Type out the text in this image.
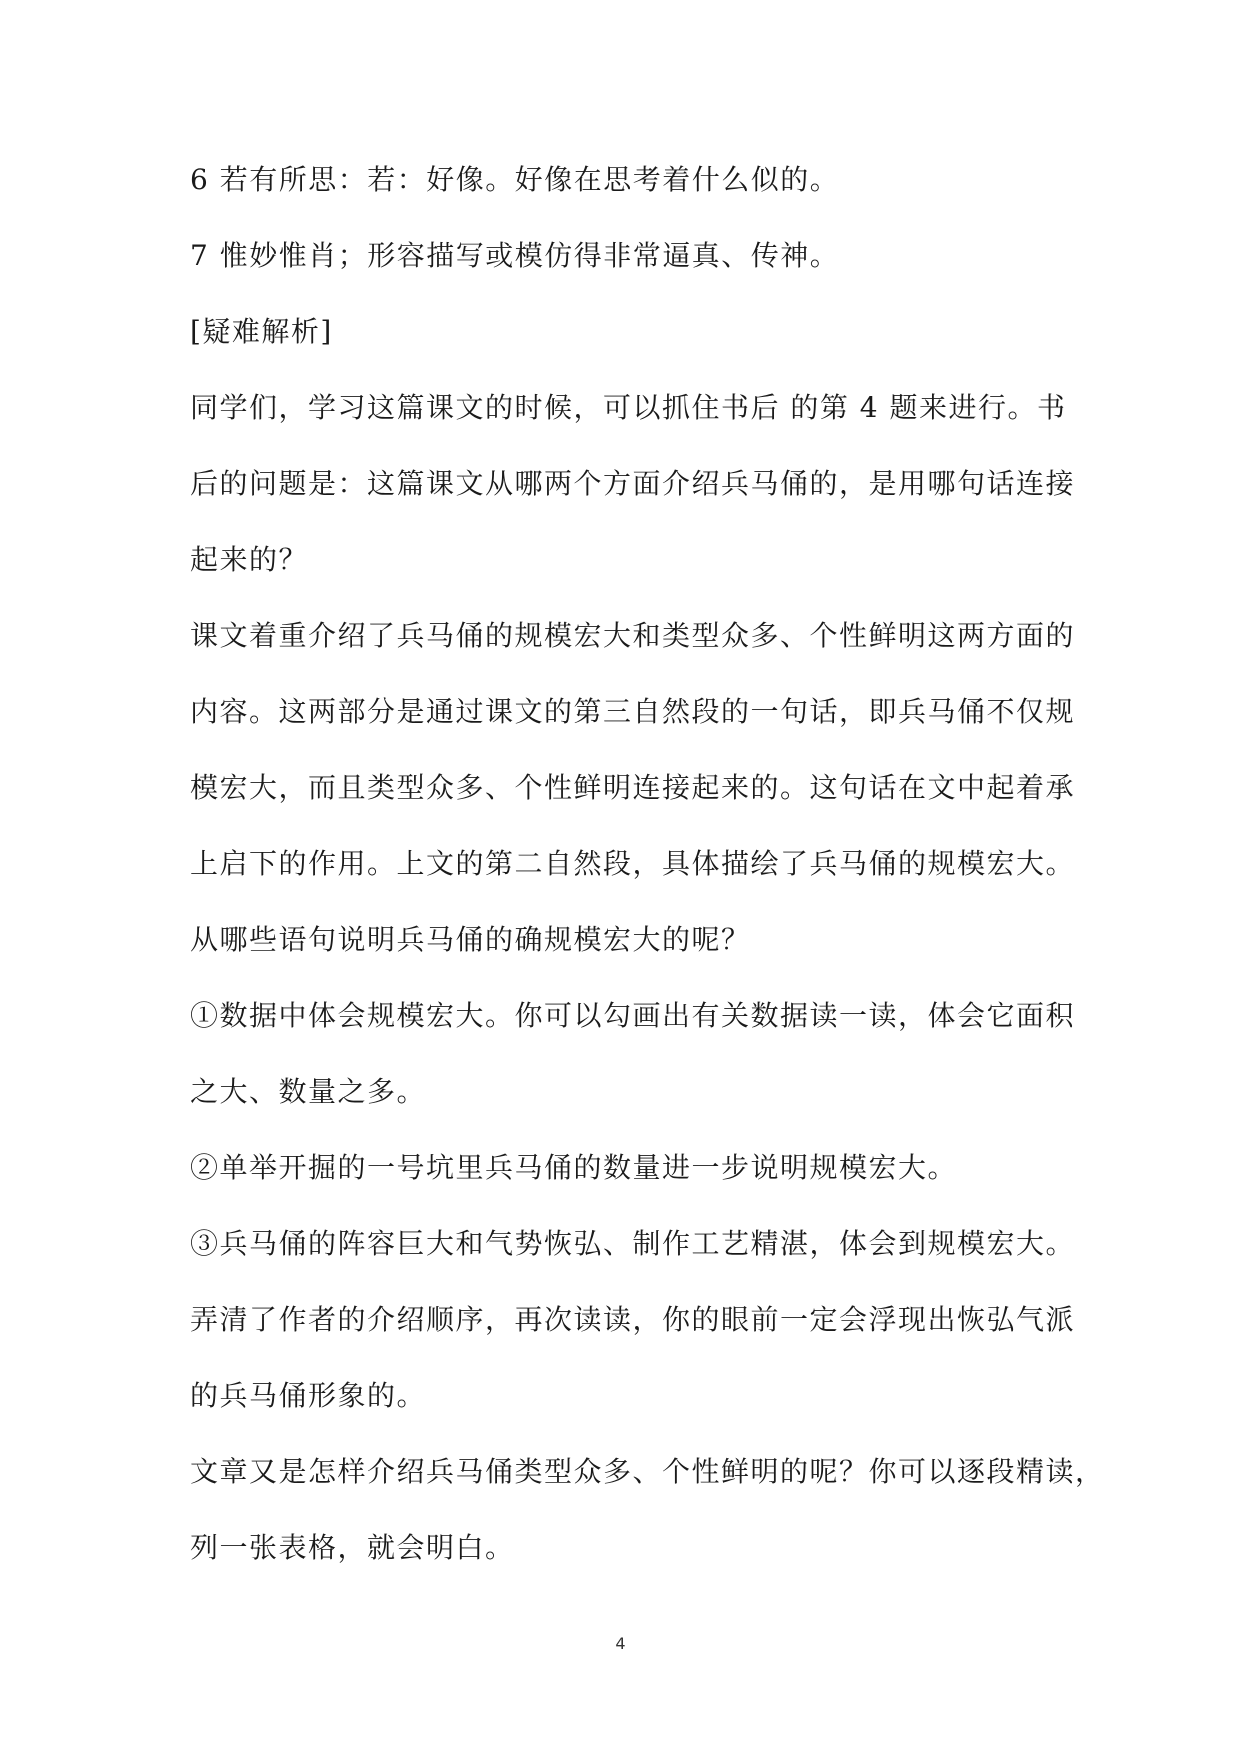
6 若有所思：若：好像。好像在思考着什么似的。
7 惟妙惟肖；形容描写或模仿得非常逼真、传神。
[疑难解析]
同学们，学习这篇课文的时候，可以抓住书后 的第 4 题来进行。书
后的问题是：这篇课文从哪两个方面介绍兵马俑的，是用哪句话连接
起来的？
课文着重介绍了兵马俑的规模宏大和类型众多、个性鲜明这两方面的
内容。这两部分是通过课文的第三自然段的一句话，即兵马俑不仅规
模宏大，而且类型众多、个性鲜明连接起来的。这句话在文中起着承
上启下的作用。上文的第二自然段，具体描绘了兵马俑的规模宏大。
从哪些语句说明兵马俑的确规模宏大的呢？
①数据中体会规模宏大。你可以勾画出有关数据读一读，体会它面积
之大、数量之多。
②单举开掘的一号坑里兵马俑的数量进一步说明规模宏大。
③兵马俑的阵容巨大和气势恢弘、制作工艺精湛，体会到规模宏大。
弄清了作者的介绍顺序，再次读读，你的眼前一定会浮现出恢弘气派
的兵马俑形象的。
文章又是怎样介绍兵马俑类型众多、个性鲜明的呢？你可以逐段精读，
列一张表格，就会明白。
4
